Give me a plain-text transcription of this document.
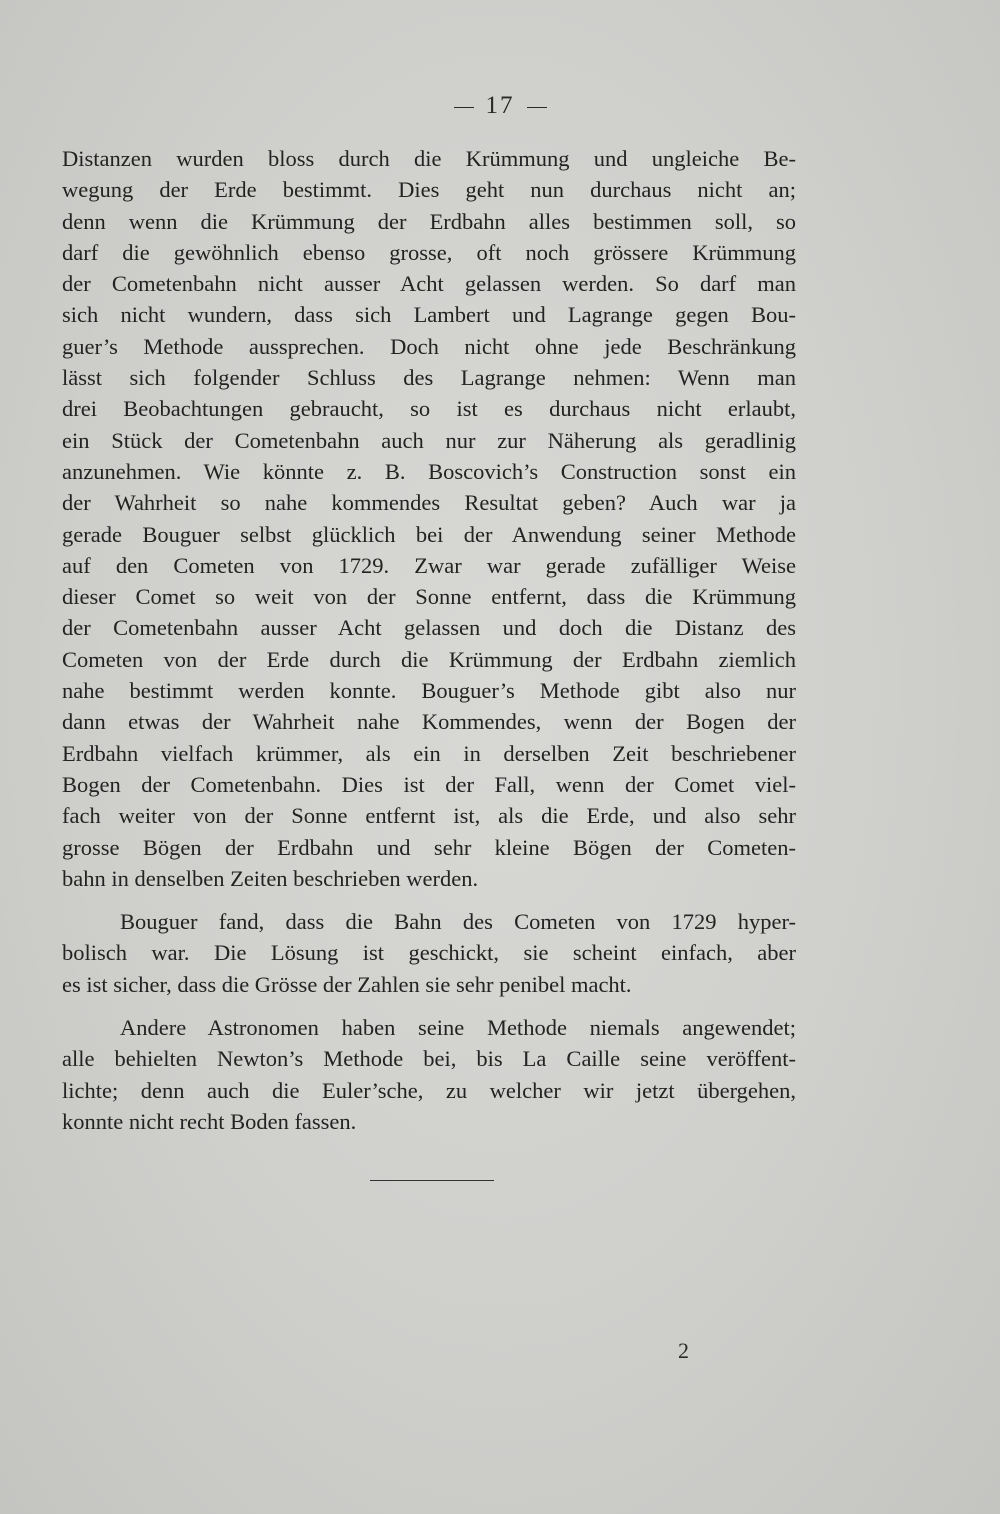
17
Distanzen wurden bloss durch die Krümmung und ungleiche Be-
wegung der Erde bestimmt. Dies geht nun durchaus nicht an;
denn wenn die Krümmung der Erdbahn alles bestimmen soll, so
darf die gewöhnlich ebenso grosse, oft noch grössere Krümmung
der Cometenbahn nicht ausser Acht gelassen werden. So darf man
sich nicht wundern, dass sich Lambert und Lagrange gegen Bou-
guer’s Methode aussprechen. Doch nicht ohne jede Beschränkung
lässt sich folgender Schluss des Lagrange nehmen: Wenn man
drei Beobachtungen gebraucht, so ist es durchaus nicht erlaubt,
ein Stück der Cometenbahn auch nur zur Näherung als geradlinig
anzunehmen. Wie könnte z. B. Boscovich’s Construction sonst ein
der Wahrheit so nahe kommendes Resultat geben? Auch war ja
gerade Bouguer selbst glücklich bei der Anwendung seiner Methode
auf den Cometen von 1729. Zwar war gerade zufälliger Weise
dieser Comet so weit von der Sonne entfernt, dass die Krümmung
der Cometenbahn ausser Acht gelassen und doch die Distanz des
Cometen von der Erde durch die Krümmung der Erdbahn ziemlich
nahe bestimmt werden konnte. Bouguer’s Methode gibt also nur
dann etwas der Wahrheit nahe Kommendes, wenn der Bogen der
Erdbahn vielfach krümmer, als ein in derselben Zeit beschriebener
Bogen der Cometenbahn. Dies ist der Fall, wenn der Comet viel-
fach weiter von der Sonne entfernt ist, als die Erde, und also sehr
grosse Bögen der Erdbahn und sehr kleine Bögen der Cometen-
bahn in denselben Zeiten beschrieben werden.
Bouguer fand, dass die Bahn des Cometen von 1729 hyper-
bolisch war. Die Lösung ist geschickt, sie scheint einfach, aber
es ist sicher, dass die Grösse der Zahlen sie sehr penibel macht.
Andere Astronomen haben seine Methode niemals angewendet;
alle behielten Newton’s Methode bei, bis La Caille seine veröffent-
lichte; denn auch die Euler’sche, zu welcher wir jetzt übergehen,
konnte nicht recht Boden fassen.
2
